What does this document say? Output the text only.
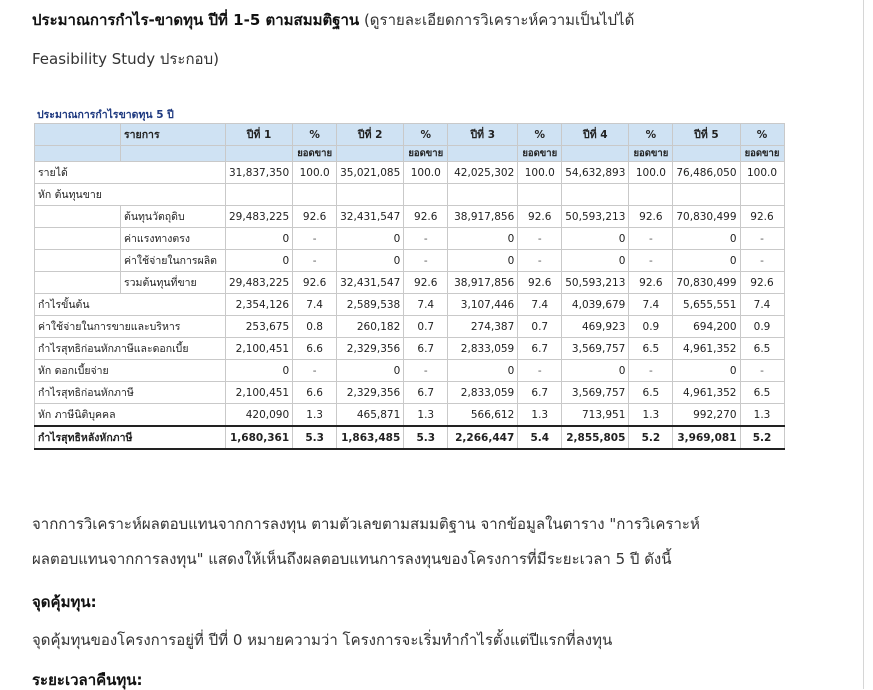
ประมาณการกำไร-ขาดทุน ปีที่ 1-5 ตามสมมติฐาน (ดูรายละเอียดการวิเคราะห์ความเป็นไปได้
Feasibility Study ประกอบ)
ประมาณการกำไรขาดทุน 5 ปี
	รายการ	ปีที่ 1	%	ปีที่ 2	%	ปีที่ 3	%	ปีที่ 4	%	ปีที่ 5	%
			ยอดขาย		ยอดขาย		ยอดขาย		ยอดขาย		ยอดขาย
รายได้		31,837,350	100.0	35,021,085	100.0	42,025,302	100.0	54,632,893	100.0	76,486,050	100.0
หัก ต้นทุนขาย											
	ต้นทุนวัตถุดิบ	29,483,225	92.6	32,431,547	92.6	38,917,856	92.6	50,593,213	92.6	70,830,499	92.6
	ค่าแรงทางตรง	0	-	0	-	0	-	0	-	0	-
	ค่าใช้จ่ายในการผลิต	0	-	0	-	0	-	0	-	0	-
	รวมต้นทุนที่ขาย	29,483,225	92.6	32,431,547	92.6	38,917,856	92.6	50,593,213	92.6	70,830,499	92.6
กำไรขั้นต้น		2,354,126	7.4	2,589,538	7.4	3,107,446	7.4	4,039,679	7.4	5,655,551	7.4
ค่าใช้จ่ายในการขายและบริหาร		253,675	0.8	260,182	0.7	274,387	0.7	469,923	0.9	694,200	0.9
กำไรสุทธิก่อนหักภาษีและดอกเบี้ย		2,100,451	6.6	2,329,356	6.7	2,833,059	6.7	3,569,757	6.5	4,961,352	6.5
หัก ดอกเบี้ยจ่าย		0	-	0	-	0	-	0	-	0	-
กำไรสุทธิก่อนหักภาษี		2,100,451	6.6	2,329,356	6.7	2,833,059	6.7	3,569,757	6.5	4,961,352	6.5
หัก ภาษีนิติบุคคล		420,090	1.3	465,871	1.3	566,612	1.3	713,951	1.3	992,270	1.3
กำไรสุทธิหลังหักภาษี		1,680,361	5.3	1,863,485	5.3	2,266,447	5.4	2,855,805	5.2	3,969,081	5.2
จากการวิเคราะห์ผลตอบแทนจากการลงทุน ตามตัวเลขตามสมมติฐาน จากข้อมูลในตาราง "การวิเคราะห์
ผลตอบแทนจากการลงทุน" แสดงให้เห็นถึงผลตอบแทนการลงทุนของโครงการที่มีระยะเวลา 5 ปี ดังนี้
จุดคุ้มทุน:
จุดคุ้มทุนของโครงการอยู่ที่ ปีที่ 0 หมายความว่า โครงการจะเริ่มทำกำไรตั้งแต่ปีแรกที่ลงทุน
ระยะเวลาคืนทุน:
